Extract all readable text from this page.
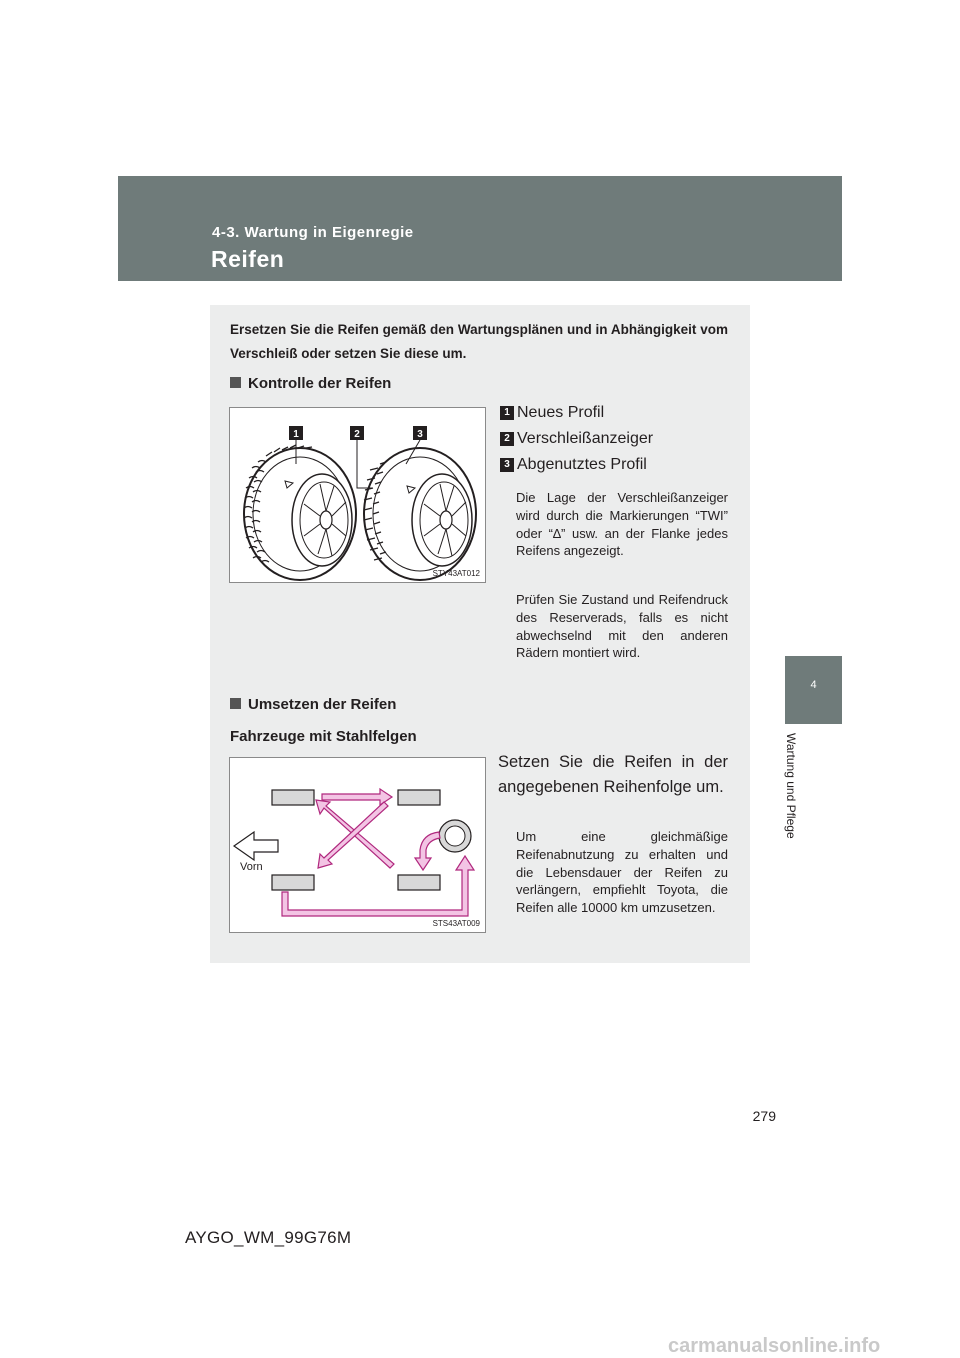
4-3. Wartung in Eigenregie
Reifen
4
Wartung und Pflege
Ersetzen Sie die Reifen gemäß den Wartungsplänen und in Abhängigkeit vom Verschleiß oder setzen Sie diese um.
Kontrolle der Reifen
1	2	3
STY43AT012
1 Neues Profil
2 Verschleißanzeiger
3 Abgenutztes Profil
Die Lage der Verschleißanzeiger wird durch die Markierungen “TWI” oder “∆” usw. an der Flanke jedes Reifens angezeigt.
Prüfen Sie Zustand und Reifendruck des Reserverads, falls es nicht abwechselnd mit den anderen Rädern montiert wird.
Umsetzen der Reifen
Fahrzeuge mit Stahlfelgen
Vorn
STS43AT009
Setzen Sie die Reifen in der angegebenen Reihenfolge um.
Um eine gleichmäßige Reifenabnutzung zu erhalten und die Lebensdauer der Reifen zu verlängern, empfiehlt Toyota, die Reifen alle 10000 km umzusetzen.
279
AYGO_WM_99G76M
carmanualsonline.info
